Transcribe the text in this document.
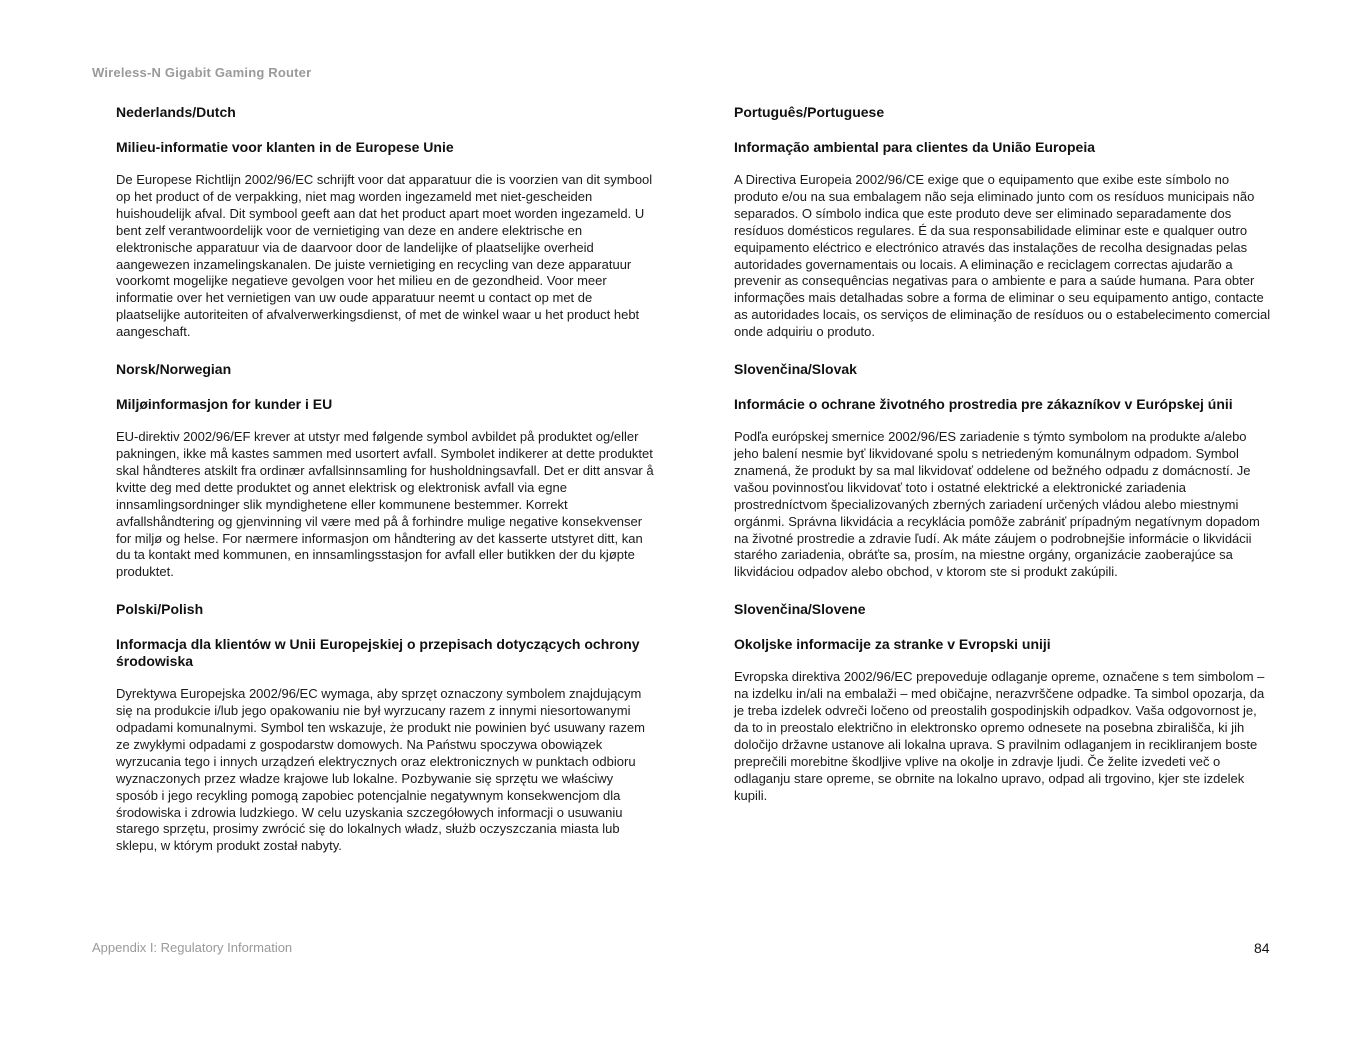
Wireless-N Gigabit Gaming Router
Nederlands/Dutch
Milieu-informatie voor klanten in de Europese Unie

De Europese Richtlijn 2002/96/EC schrijft voor dat apparatuur die is voorzien van dit symbool op het product of de verpakking, niet mag worden ingezameld met niet-gescheiden huishoudelijk afval. Dit symbool geeft aan dat het product apart moet worden ingezameld. U bent zelf verantwoordelijk voor de vernietiging van deze en andere elektrische en elektronische apparatuur via de daarvoor door de landelijke of plaatselijke overheid aangewezen inzamelingskanalen. De juiste vernietiging en recycling van deze apparatuur voorkomt mogelijke negatieve gevolgen voor het milieu en de gezondheid. Voor meer informatie over het vernietigen van uw oude apparatuur neemt u contact op met de plaatselijke autoriteiten of afvalverwerkingsdienst, of met de winkel waar u het product hebt aangeschaft.

Norsk/Norwegian
Miljøinformasjon for kunder i EU

EU-direktiv 2002/96/EF krever at utstyr med følgende symbol avbildet på produktet og/eller pakningen, ikke må kastes sammen med usortert avfall. Symbolet indikerer at dette produktet skal håndteres atskilt fra ordinær avfallsinnsamling for husholdningsavfall. Det er ditt ansvar å kvitte deg med dette produktet og annet elektrisk og elektronisk avfall via egne innsamlingsordninger slik myndighetene eller kommunene bestemmer. Korrekt avfallshåndtering og gjenvinning vil være med på å forhindre mulige negative konsekvenser for miljø og helse. For nærmere informasjon om håndtering av det kasserte utstyret ditt, kan du ta kontakt med kommunen, en innsamlingsstasjon for avfall eller butikken der du kjøpte produktet.

Polski/Polish
Informacja dla klientów w Unii Europejskiej o przepisach dotyczących ochrony środowiska

Dyrektywa Europejska 2002/96/EC wymaga, aby sprzęt oznaczony symbolem znajdującym się na produkcie i/lub jego opakowaniu nie był wyrzucany razem z innymi niesortowanymi odpadami komunalnymi. Symbol ten wskazuje, że produkt nie powinien być usuwany razem ze zwykłymi odpadami z gospodarstw domowych. Na Państwu spoczywa obowiązek wyrzucania tego i innych urządzeń elektrycznych oraz elektronicznych w punktach odbioru wyznaczonych przez władze krajowe lub lokalne. Pozbywanie się sprzętu we właściwy sposób i jego recykling pomogą zapobiec potencjalnie negatywnym konsekwencjom dla środowiska i zdrowia ludzkiego. W celu uzyskania szczegółowych informacji o usuwaniu starego sprzętu, prosimy zwrócić się do lokalnych władz, służb oczyszczania miasta lub sklepu, w którym produkt został nabyty.

Português/Portuguese
Informação ambiental para clientes da União Europeia

A Directiva Europeia 2002/96/CE exige que o equipamento que exibe este símbolo no produto e/ou na sua embalagem não seja eliminado junto com os resíduos municipais não separados. O símbolo indica que este produto deve ser eliminado separadamente dos resíduos domésticos regulares. É da sua responsabilidade eliminar este e qualquer outro equipamento eléctrico e electrónico através das instalações de recolha designadas pelas autoridades governamentais ou locais. A eliminação e reciclagem correctas ajudarão a prevenir as consequências negativas para o ambiente e para a saúde humana. Para obter informações mais detalhadas sobre a forma de eliminar o seu equipamento antigo, contacte as autoridades locais, os serviços de eliminação de resíduos ou o estabelecimento comercial onde adquiriu o produto.

Slovenčina/Slovak
Informácie o ochrane životného prostredia pre zákazníkov v Európskej únii

Podľa európskej smernice 2002/96/ES zariadenie s týmto symbolom na produkte a/alebo jeho balení nesmie byť likvidované spolu s netriedeným komunálnym odpadom. Symbol znamená, že produkt by sa mal likvidovať oddelene od bežného odpadu z domácností. Je vašou povinnosťou likvidovať toto i ostatné elektrické a elektronické zariadenia prostredníctvom špecializovaných zberných zariadení určených vládou alebo miestnymi orgánmi. Správna likvidácia a recyklácia pomôže zabrániť prípadným negatívnym dopadom na životné prostredie a zdravie ľudí. Ak máte záujem o podrobnejšie informácie o likvidácii starého zariadenia, obráťte sa, prosím, na miestne orgány, organizácie zaoberajúce sa likvidáciou odpadov alebo obchod, v ktorom ste si produkt zakúpili.

Slovenčina/Slovene
Okoljske informacije za stranke v Evropski uniji

Evropska direktiva 2002/96/EC prepoveduje odlaganje opreme, označene s tem simbolom – na izdelku in/ali na embalaži – med običajne, nerazvrščene odpadke. Ta simbol opozarja, da je treba izdelek odvreči ločeno od preostalih gospodinjskih odpadkov. Vaša odgovornost je, da to in preostalo električno in elektronsko opremo odnesete na posebna zbirališča, ki jih določijo državne ustanove ali lokalna uprava. S pravilnim odlaganjem in recikliranjem boste preprečili morebitne škodljive vplive na okolje in zdravje ljudi. Če želite izvedeti več o odlaganju stare opreme, se obrnite na lokalno upravo, odpad ali trgovino, kjer ste izdelek kupili.

Appendix I: Regulatory Information	84
